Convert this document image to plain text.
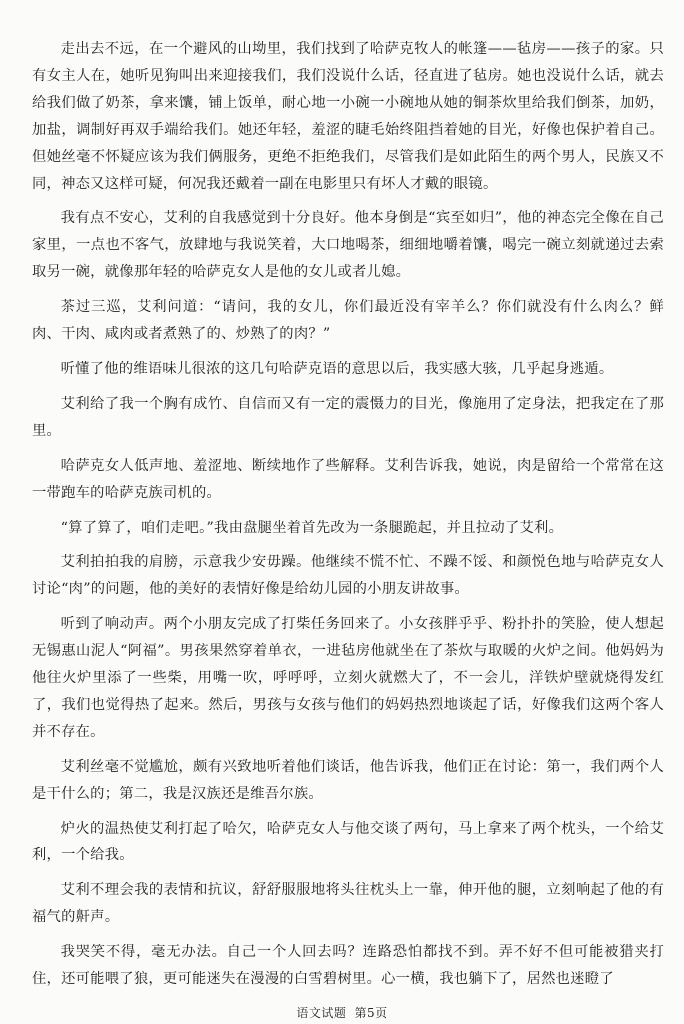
走出去不远，在一个避风的山坳里，我们找到了哈萨克牧人的帐篷——毡房——孩子的家。只有女主人在，她听见狗叫出来迎接我们，我们没说什么话，径直进了毡房。她也没说什么话，就去给我们做了奶茶，拿来馕，铺上饭单，耐心地一小碗一小碗地从她的铜茶炊里给我们倒茶，加奶，加盐，调制好再双手端给我们。她还年轻，羞涩的睫毛始终阻挡着她的目光，好像也保护着自己。但她丝毫不怀疑应该为我们俩服务，更绝不拒绝我们，尽管我们是如此陌生的两个男人，民族又不同，神态又这样可疑，何况我还戴着一副在电影里只有坏人才戴的眼镜。

我有点不安心，艾利的自我感觉到十分良好。他本身倒是“宾至如归”，他的神态完全像在自己家里，一点也不客气，放肆地与我说笑着，大口地喝茶，细细地嚼着馕，喝完一碗立刻就递过去索取另一碗，就像那年轻的哈萨克女人是他的女儿或者儿媳。

茶过三巡，艾利问道：“请问，我的女儿，你们最近没有宰羊么？你们就没有什么肉么？鲜肉、干肉、咸肉或者煮熟了的、炒熟了的肉？”

听懂了他的维语味儿很浓的这几句哈萨克语的意思以后，我实感大骇，几乎起身逃遁。

艾利给了我一个胸有成竹、自信而又有一定的震慑力的目光，像施用了定身法，把我定在了那里。

哈萨克女人低声地、羞涩地、断续地作了些解释。艾利告诉我，她说，肉是留给一个常常在这一带跑车的哈萨克族司机的。

“算了算了，咱们走吧。”我由盘腿坐着首先改为一条腿跪起，并且拉动了艾利。

艾利拍拍我的肩膀，示意我少安毋躁。他继续不慌不忙、不躁不馁、和颜悦色地与哈萨克女人讨论“肉”的问题，他的美好的表情好像是给幼儿园的小朋友讲故事。

听到了响动声。两个小朋友完成了打柴任务回来了。小女孩胖乎乎、粉扑扑的笑脸，使人想起无锡惠山泥人“阿福”。男孩果然穿着单衣，一进毡房他就坐在了茶炊与取暖的火炉之间。他妈妈为他往火炉里添了一些柴，用嘴一吹，呼呼呼，立刻火就燃大了，不一会儿，洋铁炉壁就烧得发红了，我们也觉得热了起来。然后，男孩与女孩与他们的妈妈热烈地谈起了话，好像我们这两个客人并不存在。

艾利丝毫不觉尴尬，颇有兴致地听着他们谈话，他告诉我，他们正在讨论：第一，我们两个人是干什么的；第二，我是汉族还是维吾尔族。

炉火的温热使艾利打起了哈欠，哈萨克女人与他交谈了两句，马上拿来了两个枕头，一个给艾利，一个给我。

艾利不理会我的表情和抗议，舒舒服服地将头往枕头上一靠，伸开他的腿，立刻响起了他的有福气的鼾声。

我哭笑不得，毫无办法。自己一个人回去吗？连路恐怕都找不到。弄不好不但可能被猎夹打住，还可能喂了狼，更可能迷失在漫漫的白雪碧树里。心一横，我也躺下了，居然也迷瞪了

语文试题 第5页
